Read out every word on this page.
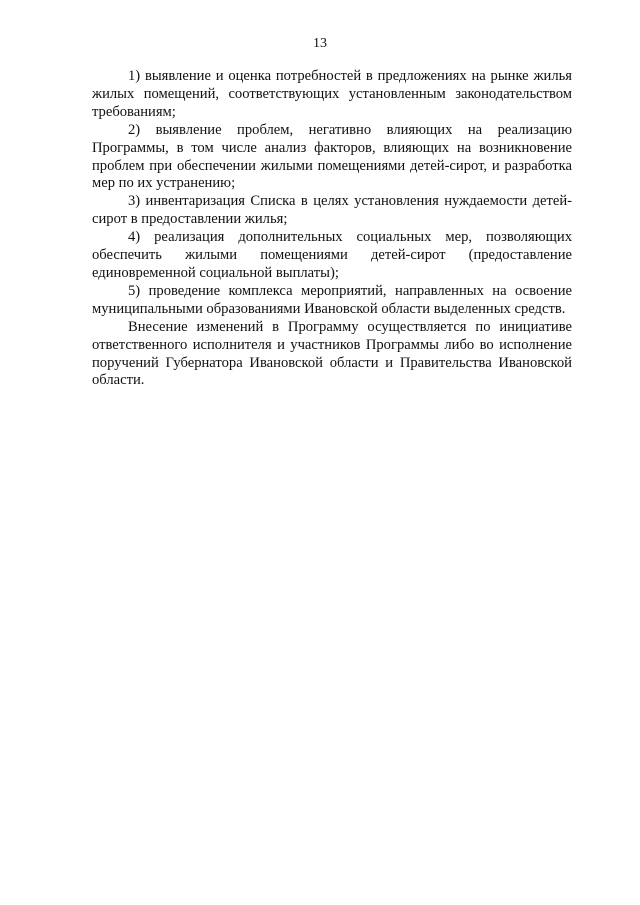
13

1) выявление и оценка потребностей в предложениях на рынке жилья жилых помещений, соответствующих установленным законодательством требованиям;

2) выявление проблем, негативно влияющих на реализацию Программы, в том числе анализ факторов, влияющих на возникновение проблем при обеспечении жилыми помещениями детей-сирот, и разработка мер по их устранению;

3) инвентаризация Списка в целях установления нуждаемости детей-сирот в предоставлении жилья;

4) реализация дополнительных социальных мер, позволяющих обеспечить жилыми помещениями детей-сирот (предоставление единовременной социальной выплаты);

5) проведение комплекса мероприятий, направленных на освоение муниципальными образованиями Ивановской области выделенных средств.

Внесение изменений в Программу осуществляется по инициативе ответственного исполнителя и участников Программы либо во исполнение поручений Губернатора Ивановской области и Правительства Ивановской области.
